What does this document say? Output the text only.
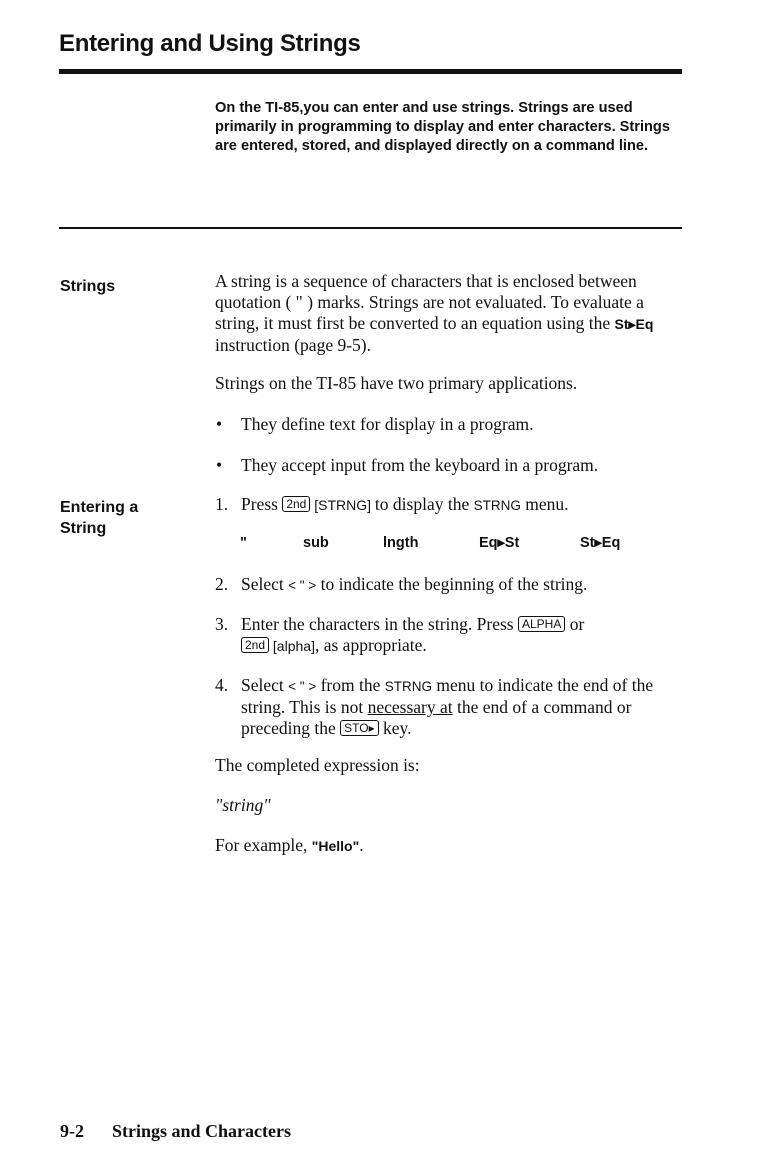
Entering and Using Strings
On the TI-85,you can enter and use strings. Strings are used primarily in programming to display and enter characters. Strings are entered, stored, and displayed directly on a command line.
Strings	A string is a sequence of characters that is enclosed between quotation ( " ) marks. Strings are not evaluated. To evaluate a string, it must first be converted to an equation using the St▸Eq instruction (page 9-5).
Strings on the TI-85 have two primary applications.
• They define text for display in a program.
• They accept input from the keyboard in a program.
Entering a
String
1. Press 2nd [STRNG] to display the STRNG menu.
"	sub	lngth	Eq▸St	St▸Eq
2. Select < " > to indicate the beginning of the string.
3. Enter the characters in the string. Press ALPHA or
2nd [alpha], as appropriate.
4. Select < " > from the STRNG menu to indicate the end of the string. This is not necessary at the end of a command or preceding the STO▸ key.
The completed expression is:
"string"
For example, "Hello".
9-2 Strings and Characters
